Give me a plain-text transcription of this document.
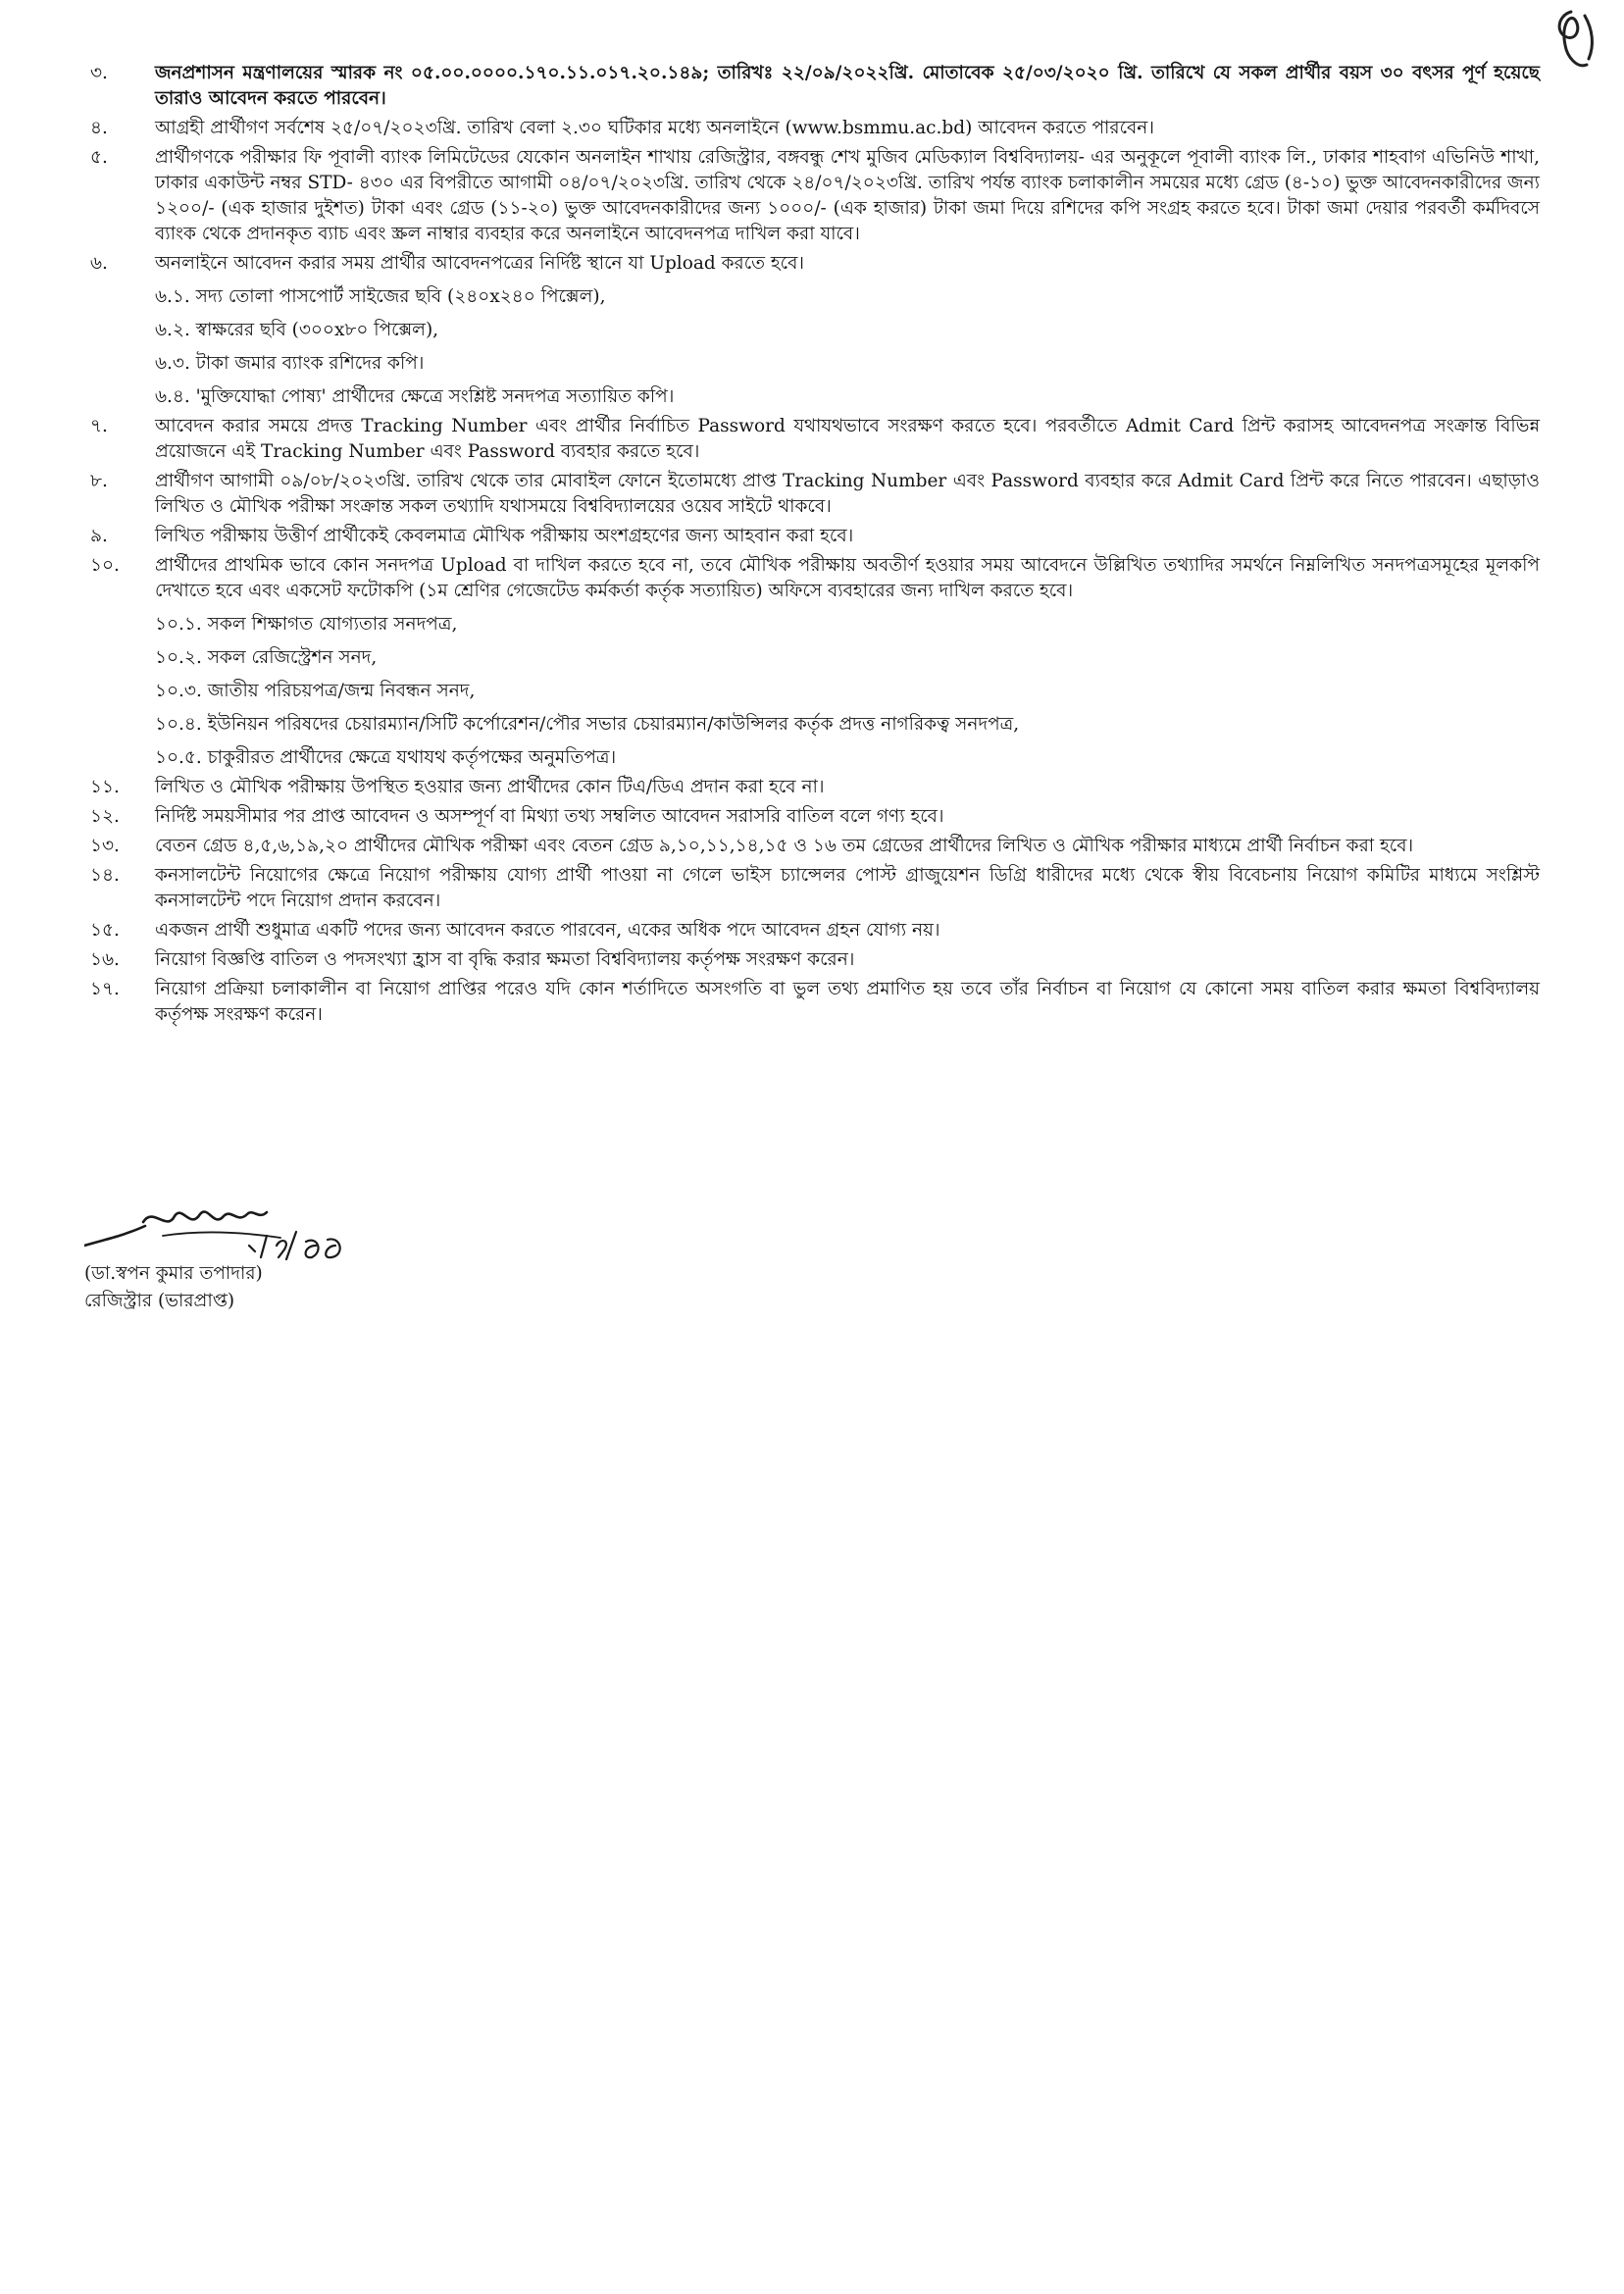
৩.	জনপ্রশাসন মন্ত্রণালয়ের স্মারক নং ০৫.০০.০০০০.১৭০.১১.০১৭.২০.১৪৯; তারিখঃ ২২/০৯/২০২২খ্রি. মোতাবেক ২৫/০৩/২০২০ খ্রি. তারিখে যে সকল প্রার্থীর বয়স ৩০ বৎসর পূর্ণ হয়েছে তারাও আবেদন করতে পারবেন।
৪.	আগ্রহী প্রার্থীগণ সর্বশেষ ২৫/০৭/২০২৩খ্রি. তারিখ বেলা ২.৩০ ঘটিকার মধ্যে অনলাইনে (www.bsmmu.ac.bd) আবেদন করতে পারবেন।
৫.	প্রার্থীগণকে পরীক্ষার ফি পূবালী ব্যাংক লিমিটেডের যেকোন অনলাইন শাখায় রেজিস্ট্রার, বঙ্গবন্ধু শেখ মুজিব মেডিক্যাল বিশ্ববিদ্যালয়- এর অনুকূলে পূবালী ব্যাংক লি., ঢাকার শাহবাগ এভিনিউ শাখা, ঢাকার একাউন্ট নম্বর STD- ৪৩০ এর বিপরীতে আগামী ০৪/০৭/২০২৩খ্রি. তারিখ থেকে ২৪/০৭/২০২৩খ্রি. তারিখ পর্যন্ত ব্যাংক চলাকালীন সময়ের মধ্যে গ্রেড (৪-১০) ভুক্ত আবেদনকারীদের জন্য ১২০০/- (এক হাজার দুইশত) টাকা এবং গ্রেড (১১-২০) ভুক্ত আবেদনকারীদের জন্য ১০০০/- (এক হাজার) টাকা জমা দিয়ে রশিদের কপি সংগ্রহ করতে হবে। টাকা জমা দেয়ার পরবর্তী কর্মদিবসে ব্যাংক থেকে প্রদানকৃত ব্যাচ এবং স্ক্রল নাম্বার ব্যবহার করে অনলাইনে আবেদনপত্র দাখিল করা যাবে।
৬.	অনলাইনে আবেদন করার সময় প্রার্থীর আবেদনপত্রের নির্দিষ্ট স্থানে যা Upload করতে হবে।
৬.১. সদ্য তোলা পাসপোর্ট সাইজের ছবি (২৪০x২৪০ পিক্সেল),
৬.২. স্বাক্ষরের ছবি (৩০০x৮০ পিক্সেল),
৬.৩. টাকা জমার ব্যাংক রশিদের কপি।
৬.৪. 'মুক্তিযোদ্ধা পোষ্য' প্রার্থীদের ক্ষেত্রে সংশ্লিষ্ট সনদপত্র সত্যায়িত কপি।
৭.	আবেদন করার সময়ে প্রদত্ত Tracking Number এবং প্রার্থীর নির্বাচিত Password যথাযথভাবে সংরক্ষণ করতে হবে। পরবর্তীতে Admit Card প্রিন্ট করাসহ আবেদনপত্র সংক্রান্ত বিভিন্ন প্রয়োজনে এই Tracking Number এবং Password ব্যবহার করতে হবে।
৮.	প্রার্থীগণ আগামী ০৯/০৮/২০২৩খ্রি. তারিখ থেকে তার মোবাইল ফোনে ইতোমধ্যে প্রাপ্ত Tracking Number এবং Password ব্যবহার করে Admit Card প্রিন্ট করে নিতে পারবেন। এছাড়াও লিখিত ও মৌখিক পরীক্ষা সংক্রান্ত সকল তথ্যাদি যথাসময়ে বিশ্ববিদ্যালয়ের ওয়েব সাইটে থাকবে।
৯.	লিখিত পরীক্ষায় উত্তীর্ণ প্রার্থীকেই কেবলমাত্র মৌখিক পরীক্ষায় অংশগ্রহণের জন্য আহবান করা হবে।
১০.	প্রার্থীদের প্রাথমিক ভাবে কোন সনদপত্র Upload বা দাখিল করতে হবে না, তবে মৌখিক পরীক্ষায় অবতীর্ণ হওয়ার সময় আবেদনে উল্লিখিত তথ্যাদির সমর্থনে নিম্নলিখিত সনদপত্রসমূহের মূলকপি দেখাতে হবে এবং একসেট ফটোকপি (১ম শ্রেণির গেজেটেড কর্মকর্তা কর্তৃক সত্যায়িত) অফিসে ব্যবহারের জন্য দাখিল করতে হবে।
১০.১. সকল শিক্ষাগত যোগ্যতার সনদপত্র,
১০.২. সকল রেজিস্ট্রেশন সনদ,
১০.৩. জাতীয় পরিচয়পত্র/জন্ম নিবন্ধন সনদ,
১০.৪. ইউনিয়ন পরিষদের চেয়ারম্যান/সিটি কর্পোরেশন/পৌর সভার চেয়ারম্যান/কাউন্সিলর কর্তৃক প্রদত্ত নাগরিকত্ব সনদপত্র,
১০.৫. চাকুরীরত প্রার্থীদের ক্ষেত্রে যথাযথ কর্তৃপক্ষের অনুমতিপত্র।
১১.	লিখিত ও মৌখিক পরীক্ষায় উপস্থিত হওয়ার জন্য প্রার্থীদের কোন টিএ/ডিএ প্রদান করা হবে না।
১২.	নির্দিষ্ট সময়সীমার পর প্রাপ্ত আবেদন ও অসম্পূর্ণ বা মিথ্যা তথ্য সম্বলিত আবেদন সরাসরি বাতিল বলে গণ্য হবে।
১৩.	বেতন গ্রেড ৪,৫,৬,১৯,২০ প্রার্থীদের মৌখিক পরীক্ষা এবং বেতন গ্রেড ৯,১০,১১,১৪,১৫ ও ১৬ তম গ্রেডের প্রার্থীদের লিখিত ও মৌখিক পরীক্ষার মাধ্যমে প্রার্থী নির্বাচন করা হবে।
১৪.	কনসালটেন্ট নিয়োগের ক্ষেত্রে নিয়োগ পরীক্ষায় যোগ্য প্রার্থী পাওয়া না গেলে ভাইস চ্যান্সেলর পোস্ট গ্রাজুয়েশন ডিগ্রি ধারীদের মধ্যে থেকে স্বীয় বিবেচনায় নিয়োগ কমিটির মাধ্যমে সংশ্লিস্ট কনসালটেন্ট পদে নিয়োগ প্রদান করবেন।
১৫.	একজন প্রার্থী শুধুমাত্র একটি পদের জন্য আবেদন করতে পারবেন, একের অধিক পদে আবেদন গ্রহন যোগ্য নয়।
১৬.	নিয়োগ বিজ্ঞপ্তি বাতিল ও পদসংখ্যা হ্রাস বা বৃদ্ধি করার ক্ষমতা বিশ্ববিদ্যালয় কর্তৃপক্ষ সংরক্ষণ করেন।
১৭.	নিয়োগ প্রক্রিয়া চলাকালীন বা নিয়োগ প্রাপ্তির পরেও যদি কোন শর্তাদিতে অসংগতি বা ভুল তথ্য প্রমাণিত হয় তবে তাঁর নির্বাচন বা নিয়োগ যে কোনো সময় বাতিল করার ক্ষমতা বিশ্ববিদ্যালয় কর্তৃপক্ষ সংরক্ষণ করেন।
(ডা.স্বপন কুমার তপাদার)
রেজিস্ট্রার (ভারপ্রাপ্ত)
